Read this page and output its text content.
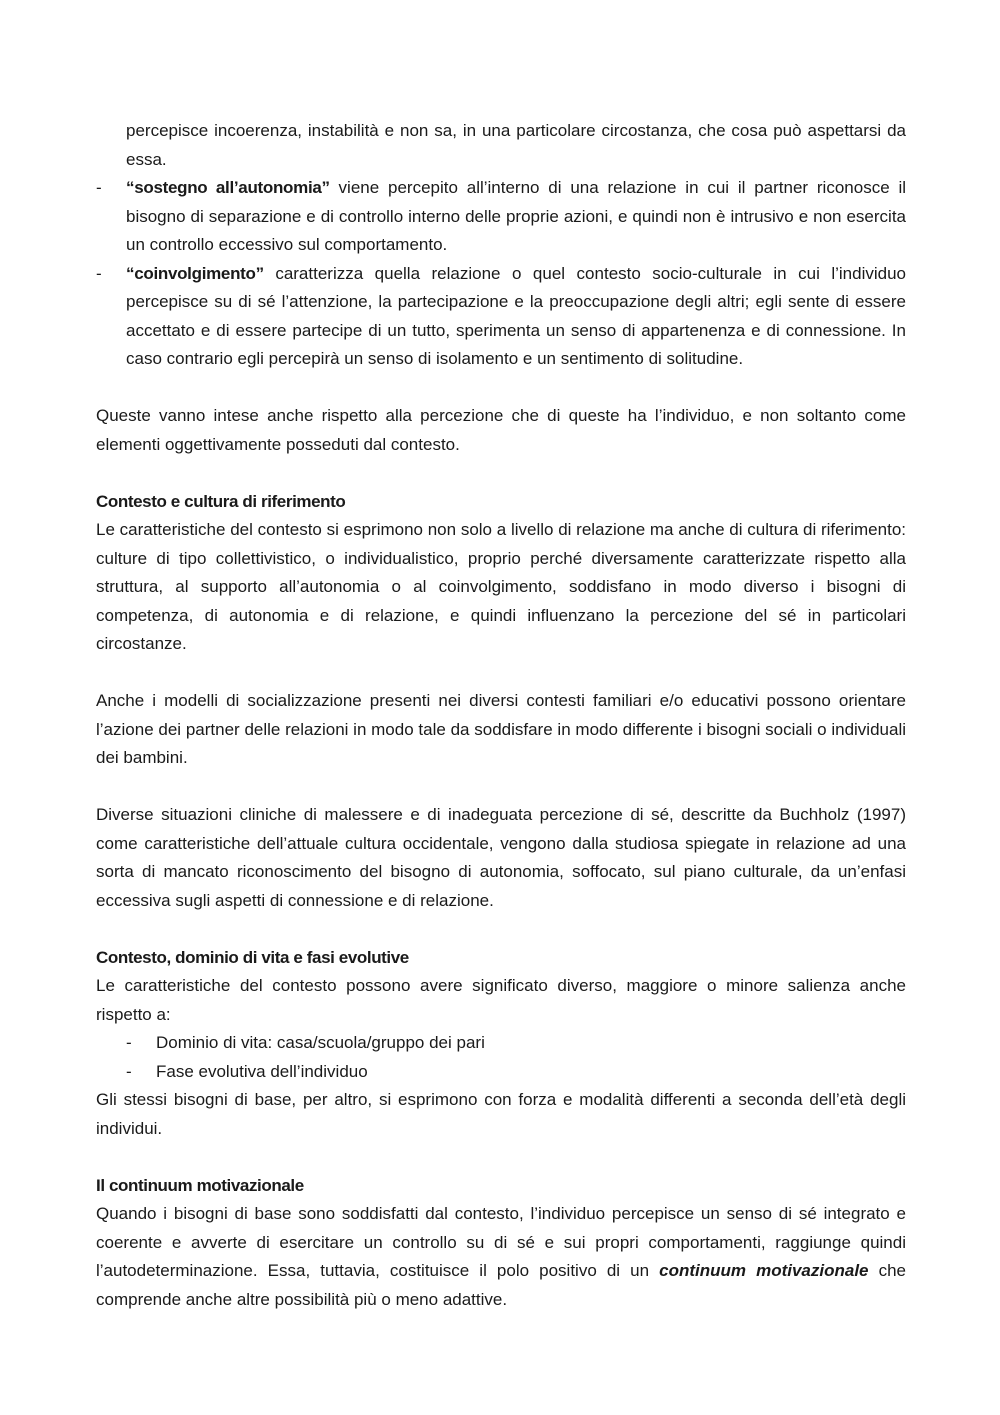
percepisce incoerenza, instabilità e non sa, in una particolare circostanza, che cosa può aspettarsi da essa.

- “sostegno all’autonomia” viene percepito all’interno di una relazione in cui il partner riconosce il bisogno di separazione e di controllo interno delle proprie azioni, e quindi non è intrusivo e non esercita un controllo eccessivo sul comportamento.
- “coinvolgimento” caratterizza quella relazione o quel contesto socio-culturale in cui l’individuo percepisce su di sé l’attenzione, la partecipazione e la preoccupazione degli altri; egli sente di essere accettato e di essere partecipe di un tutto, sperimenta un senso di appartenenza e di connessione. In caso contrario egli percepirà un senso di isolamento e un sentimento di solitudine.

Queste vanno intese anche rispetto alla percezione che di queste ha l’individuo, e non soltanto come elementi oggettivamente posseduti dal contesto.

Contesto e cultura di riferimento

Le caratteristiche del contesto si esprimono non solo a livello di relazione ma anche di cultura di riferimento: culture di tipo collettivistico, o individualistico, proprio perché diversamente caratterizzate rispetto alla struttura, al supporto all’autonomia o al coinvolgimento, soddisfano in modo diverso i bisogni di competenza, di autonomia e di relazione, e quindi influenzano la percezione del sé in particolari circostanze.

Anche i modelli di socializzazione presenti nei diversi contesti familiari e/o educativi possono orientare l’azione dei partner delle relazioni in modo tale da soddisfare in modo differente i bisogni sociali o individuali dei bambini.

Diverse situazioni cliniche di malessere e di inadeguata percezione di sé, descritte da Buchholz (1997) come caratteristiche dell’attuale cultura occidentale, vengono dalla studiosa spiegate in relazione ad una sorta di mancato riconoscimento del bisogno di autonomia, soffocato, sul piano culturale, da un’enfasi eccessiva sugli aspetti di connessione e di relazione.

Contesto, dominio di vita e fasi evolutive

Le caratteristiche del contesto possono avere significato diverso, maggiore o minore salienza anche rispetto a:

- Dominio di vita: casa/scuola/gruppo dei pari
- Fase evolutiva dell’individuo

Gli stessi bisogni di base, per altro, si esprimono con forza e modalità differenti a seconda dell’età degli individui.

Il continuum motivazionale

Quando i bisogni di base sono soddisfatti dal contesto, l’individuo percepisce un senso di sé integrato e coerente e avverte di esercitare un controllo su di sé e sui propri comportamenti, raggiunge quindi l’autodeterminazione. Essa, tuttavia, costituisce il polo positivo di un continuum motivazionale che comprende anche altre possibilità più o meno adattive.
